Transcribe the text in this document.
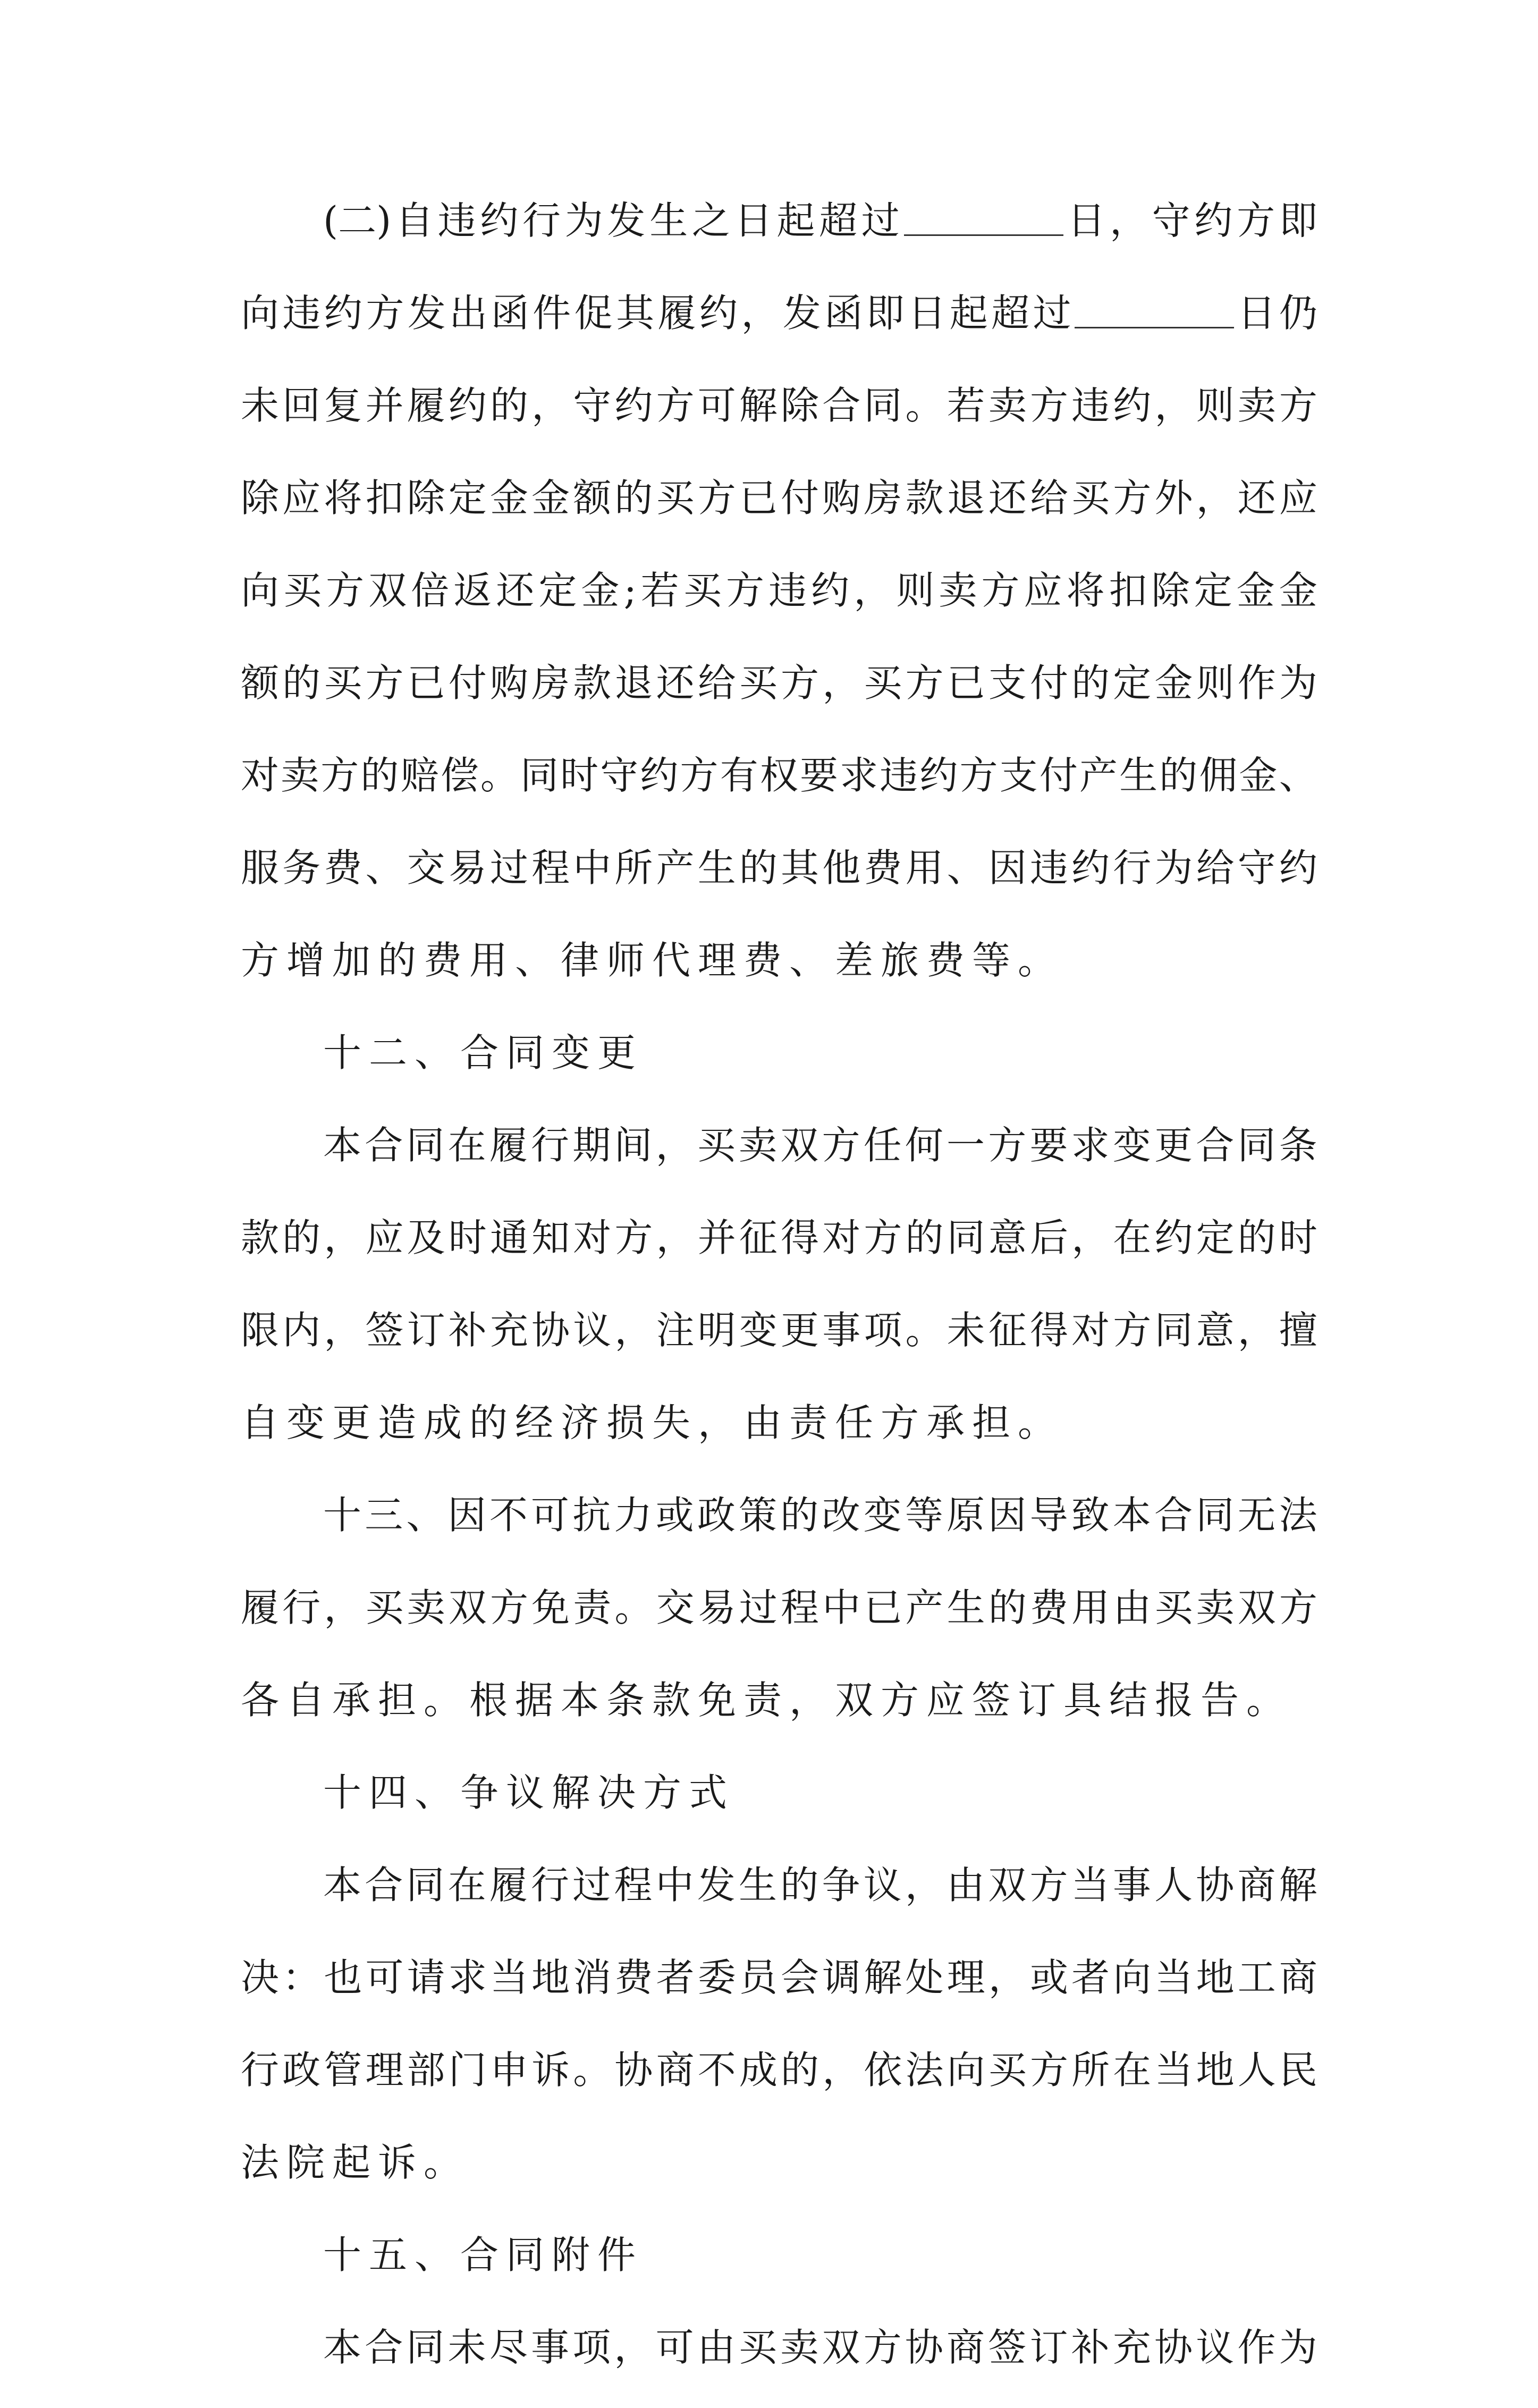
(二) 自 违 约 行 为 发 生 之 日 起 超 过	日 ， 守 约 方 即
向 违 约 方 发 出 函 件 促 其 履 约 ， 发 函 即 日 起 超 过	日 仍
未 回 复 并 履 约 的 ， 守 约 方 可 解 除 合 同 。 若 卖 方 违 约 ， 则 卖 方
除 应 将 扣 除 定 金 金 额 的 买 方 已 付 购 房 款 退 还 给 买 方 外 ， 还 应
向 买 方 双 倍 返 还 定 金 ; 若 买 方 违 约 ， 则 卖 方 应 将 扣 除 定 金 金
额 的 买 方 已 付 购 房 款 退 还 给 买 方 ， 买 方 已 支 付 的 定 金 则 作 为
对 卖 方 的 赔 偿 。 同 时 守 约 方 有 权 要 求 违 约 方 支 付 产 生 的 佣 金 、
服 务 费 、 交 易 过 程 中 所 产 生 的 其 他 费 用 、 因 违 约 行 为 给 守 约
方增加的费用、律师代理费、差旅费等。
十二、合同变更
本 合 同 在 履 行 期 间 ， 买 卖 双 方 任 何 一 方 要 求 变 更 合 同 条
款 的 ， 应 及 时 通 知 对 方 ， 并 征 得 对 方 的 同 意 后 ， 在 约 定 的 时
限 内 ， 签 订 补 充 协 议 ， 注 明 变 更 事 项 。 未 征 得 对 方 同 意 ， 擅
自变更造成的经济损失，由责任方承担。
十 三 、 因 不 可 抗 力 或 政 策 的 改 变 等 原 因 导 致 本 合 同 无 法
履 行 ， 买 卖 双 方 免 责 。 交 易 过 程 中 已 产 生 的 费 用 由 买 卖 双 方
各自承担。根据本条款免责，双方应签订具结报告。
十四、争议解决方式
本 合 同 在 履 行 过 程 中 发 生 的 争 议 ， 由 双 方 当 事 人 协 商 解
决 ： 也 可 请 求 当 地 消 费 者 委 员 会 调 解 处 理 ， 或 者 向 当 地 工 商
行 政 管 理 部 门 申 诉 。 协 商 不 成 的 ， 依 法 向 买 方 所 在 当 地 人 民
法院起诉。
十五、合同附件
本 合 同 未 尽 事 项 ， 可 由 买 卖 双 方 协 商 签 订 补 充 协 议 作 为
